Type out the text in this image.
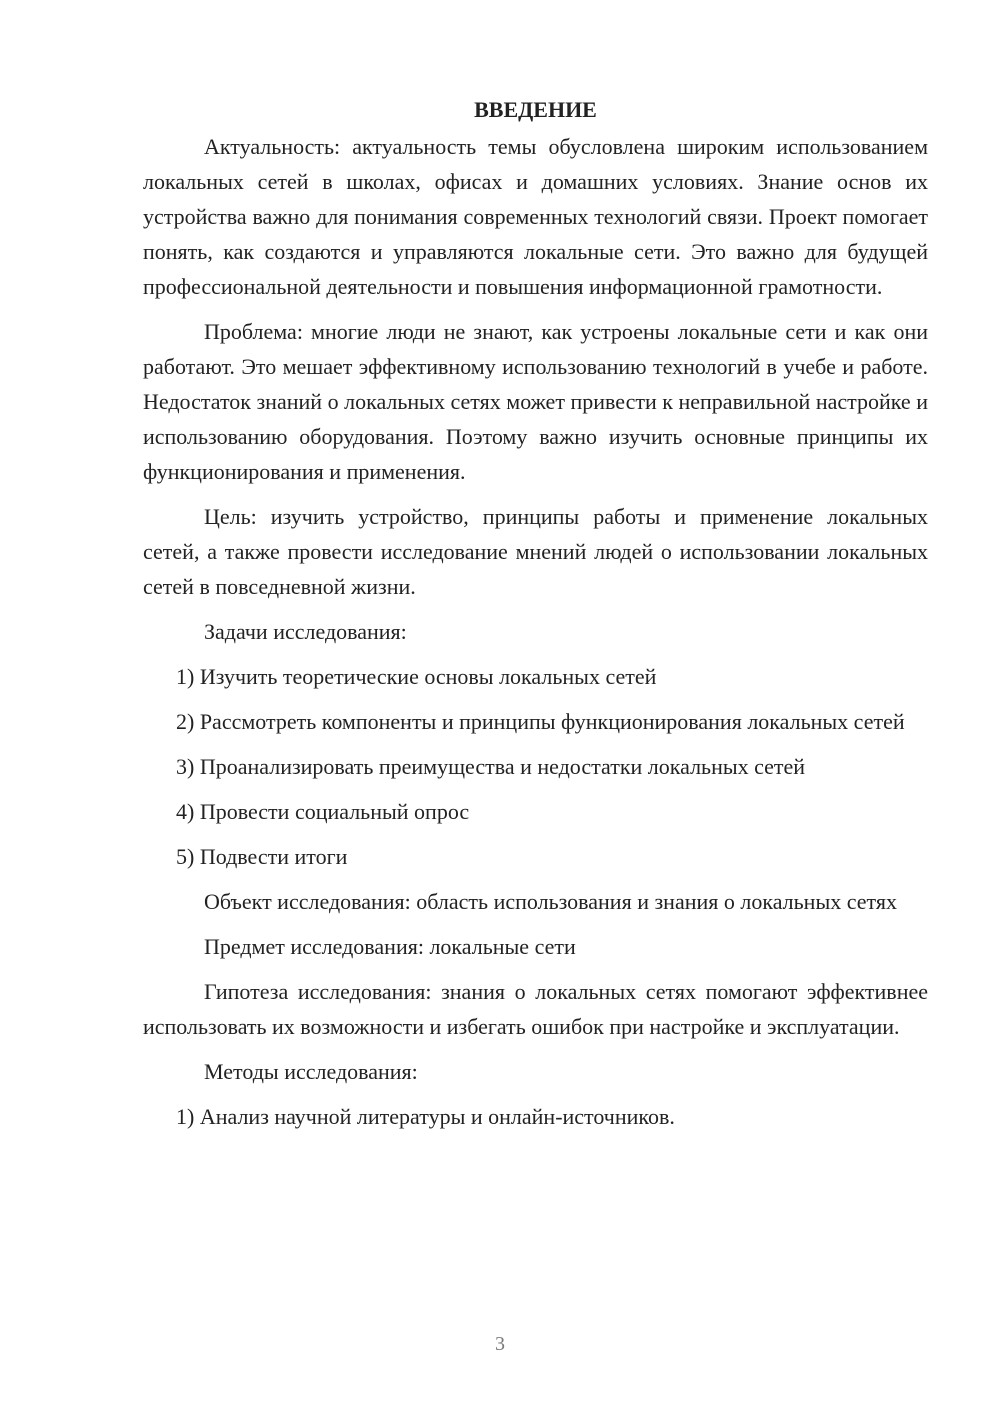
ВВЕДЕНИЕ

Актуальность: актуальность темы обусловлена широким использованием локальных сетей в школах, офисах и домашних условиях. Знание основ их устройства важно для понимания современных технологий связи. Проект помогает понять, как создаются и управляются локальные сети. Это важно для будущей профессиональной деятельности и повышения информационной грамотности.

Проблема: многие люди не знают, как устроены локальные сети и как они работают. Это мешает эффективному использованию технологий в учебе и работе. Недостаток знаний о локальных сетях может привести к неправильной настройке и использованию оборудования. Поэтому важно изучить основные принципы их функционирования и применения.

Цель: изучить устройство, принципы работы и применение локальных сетей, а также провести исследование мнений людей о использовании локальных сетей в повседневной жизни.

Задачи исследования:

1) Изучить теоретические основы локальных сетей

2) Рассмотреть компоненты и принципы функционирования локальных сетей

3) Проанализировать преимущества и недостатки локальных сетей

4) Провести социальный опрос

5) Подвести итоги

Объект исследования: область использования и знания о локальных сетях

Предмет исследования: локальные сети

Гипотеза исследования: знания о локальных сетях помогают эффективнее использовать их возможности и избегать ошибок при настройке и эксплуатации.

Методы исследования:

1) Анализ научной литературы и онлайн-источников.

3
